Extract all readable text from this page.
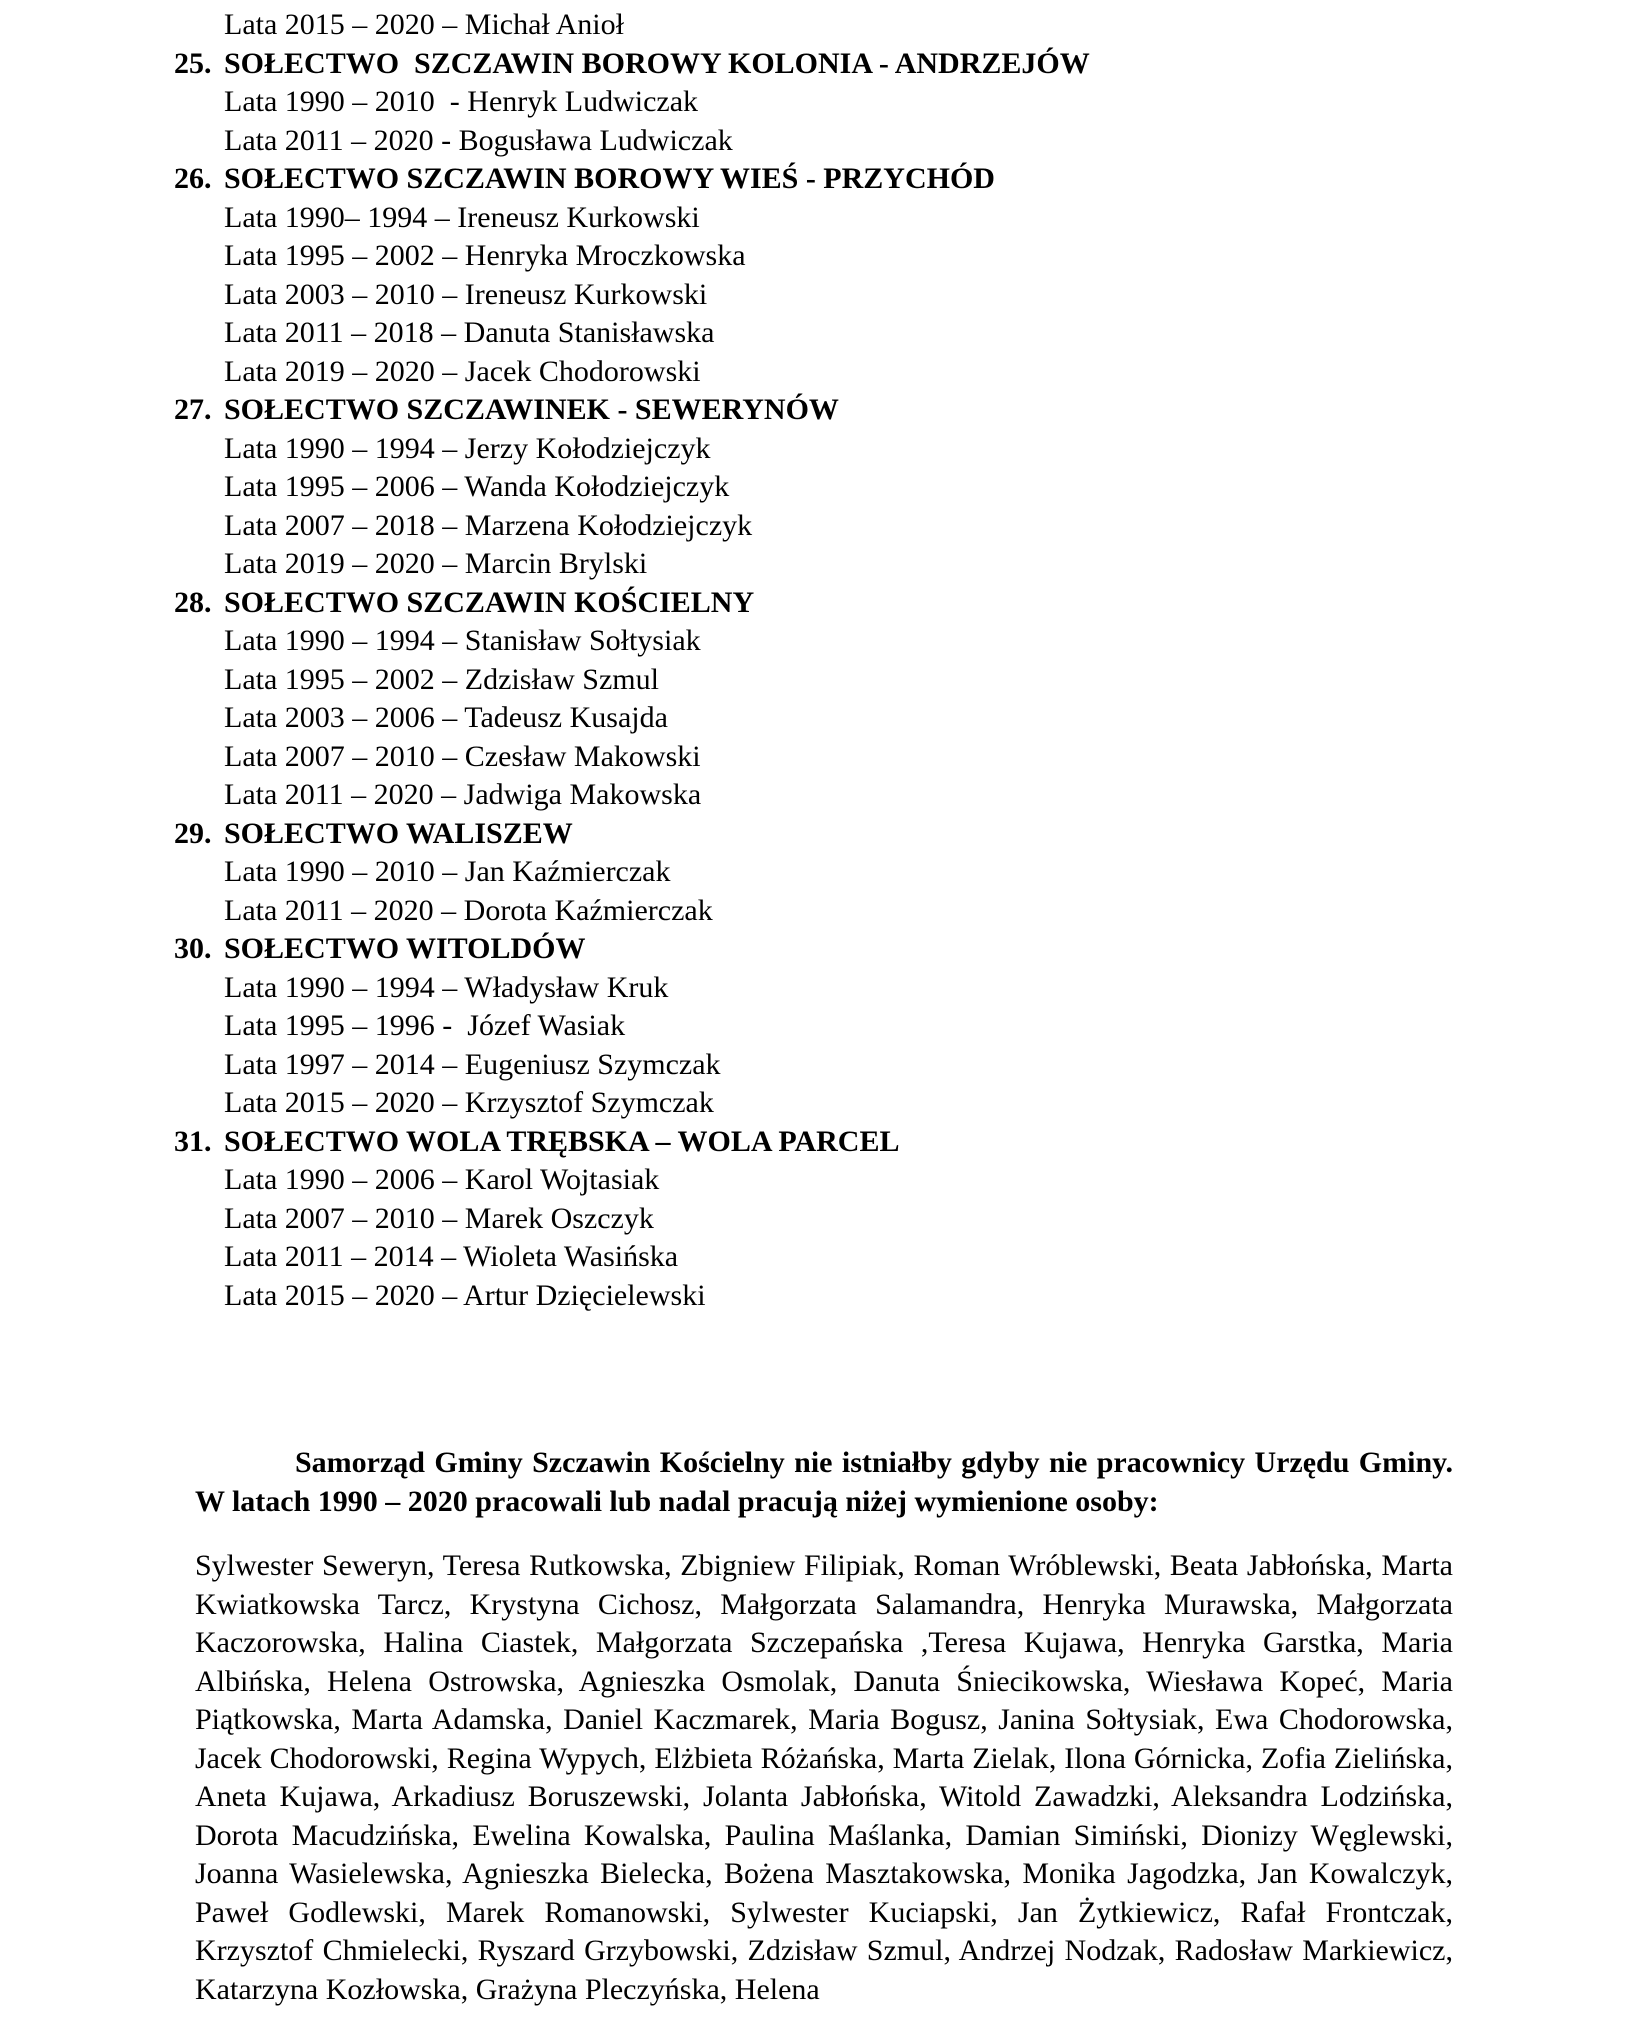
Lata 2015 – 2020 – Michał Anioł
25. SOŁECTWO  SZCZAWIN BOROWY KOLONIA - ANDRZEJÓW
Lata 1990 – 2010  - Henryk Ludwiczak
Lata 2011 – 2020 - Bogusława Ludwiczak
26. SOŁECTWO SZCZAWIN BOROWY WIEŚ - PRZYCHÓD
Lata 1990– 1994 – Ireneusz Kurkowski
Lata 1995 – 2002 – Henryka Mroczkowska
Lata 2003 – 2010 – Ireneusz Kurkowski
Lata 2011 – 2018 – Danuta Stanisławska
Lata 2019 – 2020 – Jacek Chodorowski
27. SOŁECTWO SZCZAWINEK - SEWERYNÓW
Lata 1990 – 1994 – Jerzy Kołodziejczyk
Lata 1995 – 2006 – Wanda Kołodziejczyk
Lata 2007 – 2018 – Marzena Kołodziejczyk
Lata 2019 – 2020 – Marcin Brylski
28. SOŁECTWO SZCZAWIN KOŚCIELNY
Lata 1990 – 1994 – Stanisław Sołtysiak
Lata 1995 – 2002 – Zdzisław Szmul
Lata 2003 – 2006 – Tadeusz Kusajda
Lata 2007 – 2010 – Czesław Makowski
Lata 2011 – 2020 – Jadwiga Makowska
29. SOŁECTWO WALISZEW
Lata 1990 – 2010 – Jan Kaźmierczak
Lata 2011 – 2020 – Dorota Kaźmierczak
30. SOŁECTWO WITOLDÓW
Lata 1990 – 1994 – Władysław Kruk
Lata 1995 – 1996 -  Józef Wasiak
Lata 1997 – 2014 – Eugeniusz Szymczak
Lata 2015 – 2020 – Krzysztof Szymczak
31. SOŁECTWO WOLA TRĘBSKA – WOLA PARCEL
Lata 1990 – 2006 – Karol Wojtasiak
Lata 2007 – 2010 – Marek Oszczyk
Lata 2011 – 2014 – Wioleta Wasińska
Lata 2015 – 2020 – Artur Dzięcielewski

Samorząd Gminy Szczawin Kościelny nie istniałby gdyby nie pracownicy Urzędu Gminy. W latach 1990 – 2020 pracowali lub nadal pracują niżej wymienione osoby:

Sylwester Seweryn, Teresa Rutkowska, Zbigniew Filipiak, Roman Wróblewski, Beata Jabłońska, Marta Kwiatkowska Tarcz, Krystyna Cichosz, Małgorzata Salamandra, Henryka Murawska, Małgorzata Kaczorowska, Halina Ciastek, Małgorzata Szczepańska ,Teresa Kujawa, Henryka Garstka, Maria Albińska, Helena Ostrowska, Agnieszka Osmolak, Danuta Śniecikowska, Wiesława Kopeć, Maria Piątkowska, Marta Adamska, Daniel Kaczmarek, Maria Bogusz, Janina Sołtysiak, Ewa Chodorowska, Jacek Chodorowski, Regina Wypych, Elżbieta Różańska, Marta Zielak, Ilona Górnicka, Zofia Zielińska, Aneta Kujawa, Arkadiusz Boruszewski, Jolanta Jabłońska, Witold Zawadzki, Aleksandra Lodzińska, Dorota Macudzińska, Ewelina Kowalska, Paulina Maślanka, Damian Simiński, Dionizy Węglewski, Joanna Wasielewska, Agnieszka Bielecka, Bożena Masztakowska, Monika Jagodzka, Jan Kowalczyk, Paweł Godlewski, Marek Romanowski, Sylwester Kuciapski, Jan Żytkiewicz, Rafał Frontczak, Krzysztof Chmielecki, Ryszard Grzybowski, Zdzisław Szmul, Andrzej Nodzak, Radosław Markiewicz, Katarzyna Kozłowska, Grażyna Pleczyńska, Helena
